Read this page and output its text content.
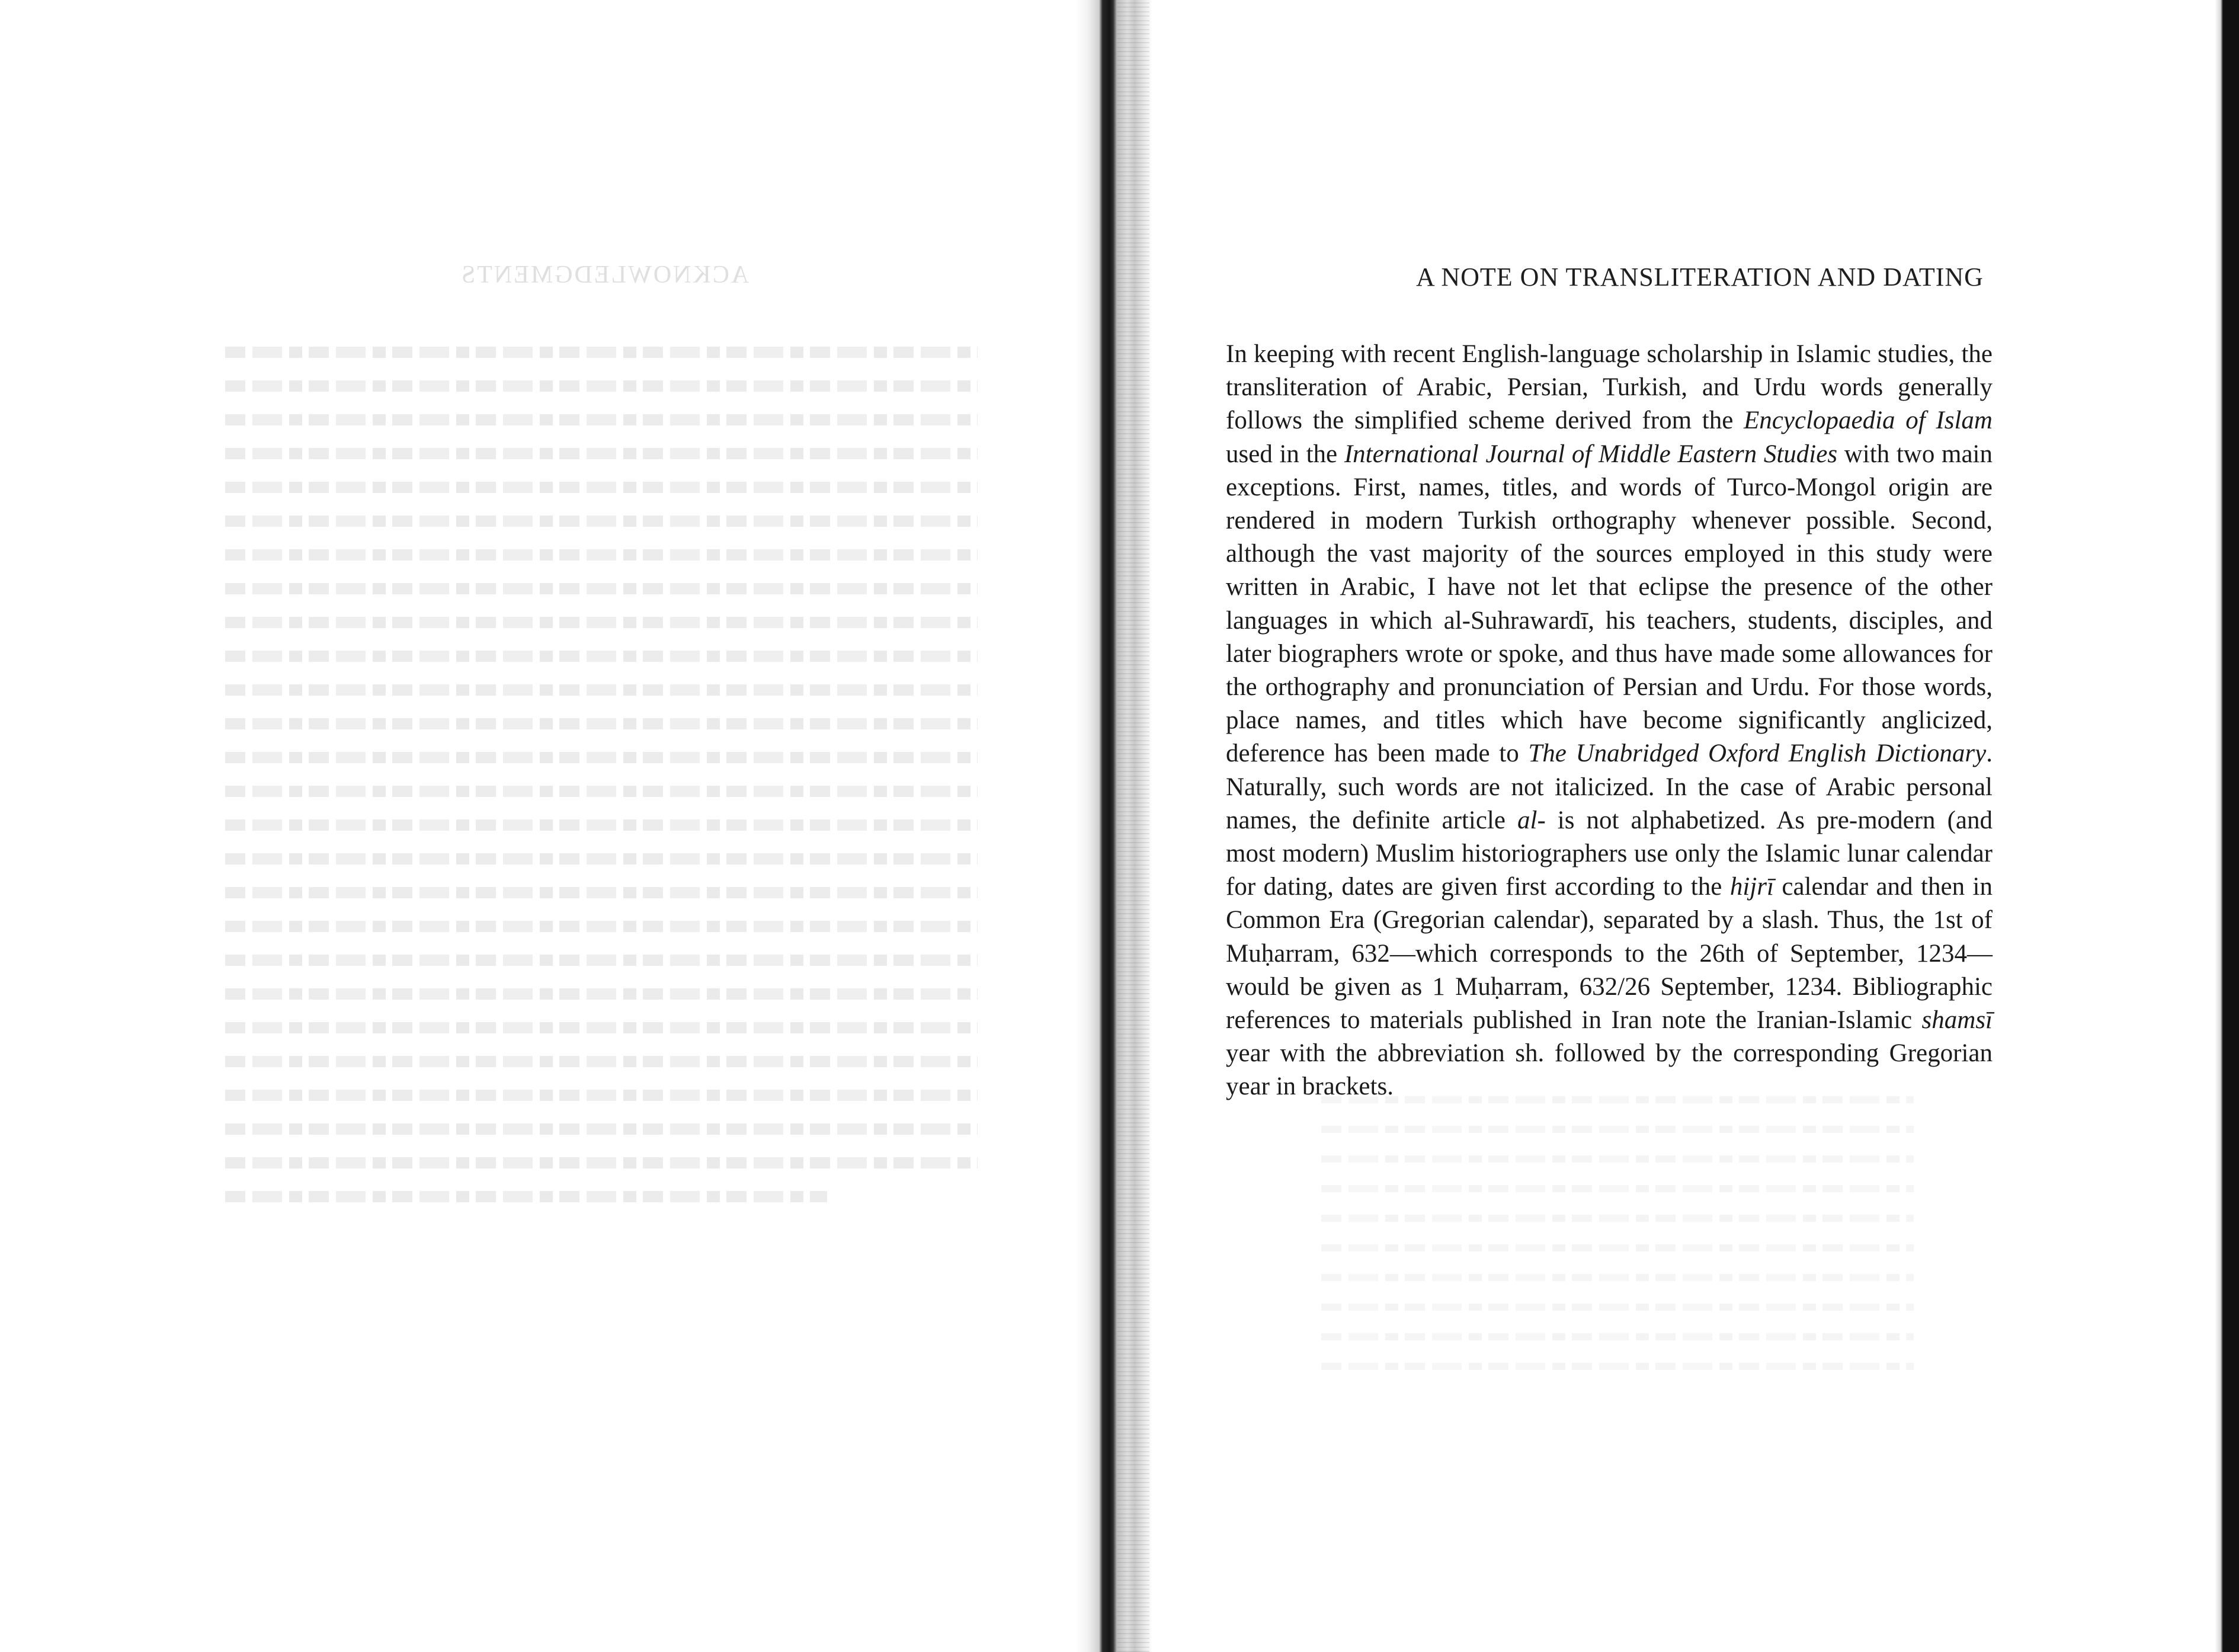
ACKNOWLEDGMENTS	A NOTE ON TRANSLITERATION AND DATING
In keeping with recent English-language scholarship in Islamic studies, the transliteration of Arabic, Persian, Turkish, and Urdu words generally follows the simplified scheme derived from the Encyclopaedia of Islam used in the International Journal of Middle Eastern Studies with two main exceptions. First, names, titles, and words of Turco-Mongol origin are rendered in modern Turkish orthography whenever possible. Second, although the vast majority of the sources employed in this study were written in Arabic, I have not let that eclipse the presence of the other languages in which al-Suhrawardī, his teachers, students, disciples, and later biographers wrote or spoke, and thus have made some allowances for the orthography and pronunciation of Persian and Urdu. For those words, place names, and titles which have become significantly anglicized, deference has been made to The Unabridged Oxford English Dictionary. Naturally, such words are not italicized. In the case of Arabic personal names, the definite article al- is not alphabetized. As pre-modern (and most modern) Muslim historiographers use only the Islamic lunar calendar for dating, dates are given first according to the hijrī calendar and then in Common Era (Gregorian calendar), separated by a slash. Thus, the 1st of Muḥarram, 632—which corresponds to the 26th of September, 1234—would be given as 1 Muḥarram, 632/26 September, 1234. Bibliographic references to materials published in Iran note the Iranian-Islamic shamsī year with the abbreviation sh. followed by the corresponding Gregorian year in brackets.
